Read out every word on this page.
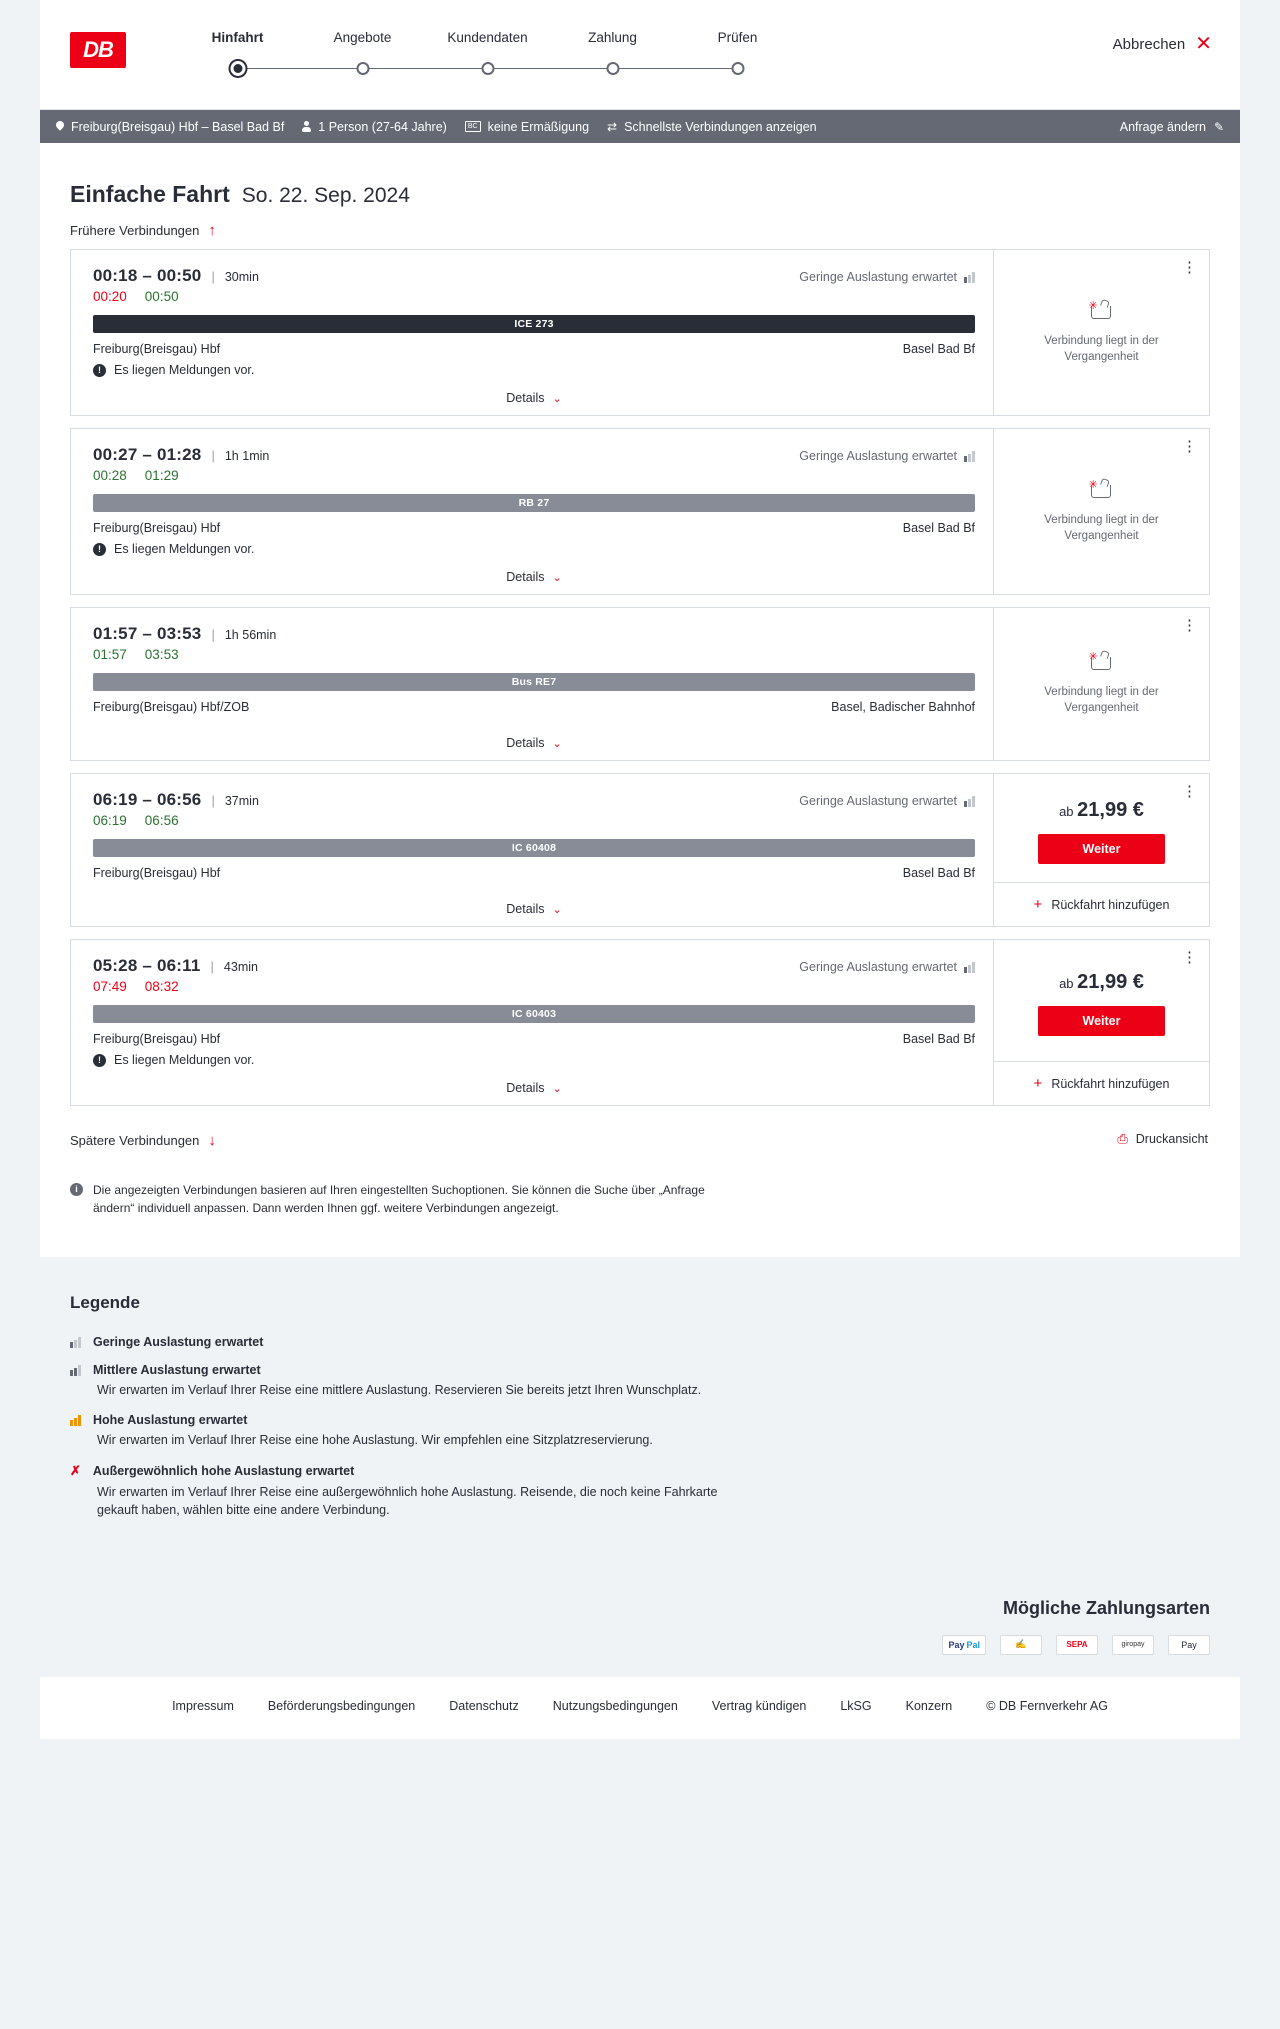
DB	Hinfahrt	Angebote	Kundendaten	Zahlung	Prüfen	Abbrechen ✕
Freiburg(Breisgau) Hbf – Basel Bad Bf	1 Person (27-64 Jahre)	BC keine Ermäßigung ⇄ Schnellste Verbindungen anzeigen	Anfrage ändern ✎
Einfache Fahrt So. 22. Sep. 2024
Frühere Verbindungen ↑
00:18 – 00:50 | 30min	Geringe Auslastung erwartet
00:20 00:50
ICE 273
Freiburg(Breisgau) Hbf	Basel Bad Bf
!	Es liegen Meldungen vor.
Details ⌄
⋮
✳
Verbindung liegt in der Vergangenheit
00:27 – 01:28 | 1h 1min	Geringe Auslastung erwartet
00:28 01:29
RB 27
Freiburg(Breisgau) Hbf	Basel Bad Bf
!	Es liegen Meldungen vor.
Details ⌄
⋮
✳
Verbindung liegt in der Vergangenheit
01:57 – 03:53 | 1h 56min
01:57 03:53
Bus RE7
Freiburg(Breisgau) Hbf/ZOB	Basel, Badischer Bahnhof
Details ⌄
⋮
✳
Verbindung liegt in der Vergangenheit
06:19 – 06:56 | 37min	Geringe Auslastung erwartet
06:19 06:56
IC 60408
Freiburg(Breisgau) Hbf	Basel Bad Bf
Details ⌄
⋮
ab 21,99 €
Weiter
+ Rückfahrt hinzufügen
05:28 – 06:11 | 43min	Geringe Auslastung erwartet
07:49 08:32
IC 60403
Freiburg(Breisgau) Hbf	Basel Bad Bf
!	Es liegen Meldungen vor.
Details ⌄
⋮
ab 21,99 €
Weiter
+ Rückfahrt hinzufügen
Spätere Verbindungen ↓	⎙ Druckansicht
i	Die angezeigten Verbindungen basieren auf Ihren eingestellten Suchoptionen. Sie können die Suche über „Anfrage ändern“ individuell anpassen. Dann werden Ihnen ggf. weitere Verbindungen angezeigt.
Legende
Geringe Auslastung erwartet
Mittlere Auslastung erwartet
Wir erwarten im Verlauf Ihrer Reise eine mittlere Auslastung. Reservieren Sie bereits jetzt Ihren Wunschplatz.
Hohe Auslastung erwartet
Wir erwarten im Verlauf Ihrer Reise eine hohe Auslastung. Wir empfehlen eine Sitzplatzreservierung.
✗ Außergewöhnlich hohe Auslastung erwartet
Wir erwarten im Verlauf Ihrer Reise eine außergewöhnlich hohe Auslastung. Reisende, die noch keine Fahrkarte gekauft haben, wählen bitte eine andere Verbindung.
Mögliche Zahlungsarten
Pay Pal	✍	SEPA	giropay	Pay
Impressum	Beförderungsbedingungen	Datenschutz	Nutzungsbedingungen	Vertrag kündigen	LkSG	Konzern	© DB Fernverkehr AG
